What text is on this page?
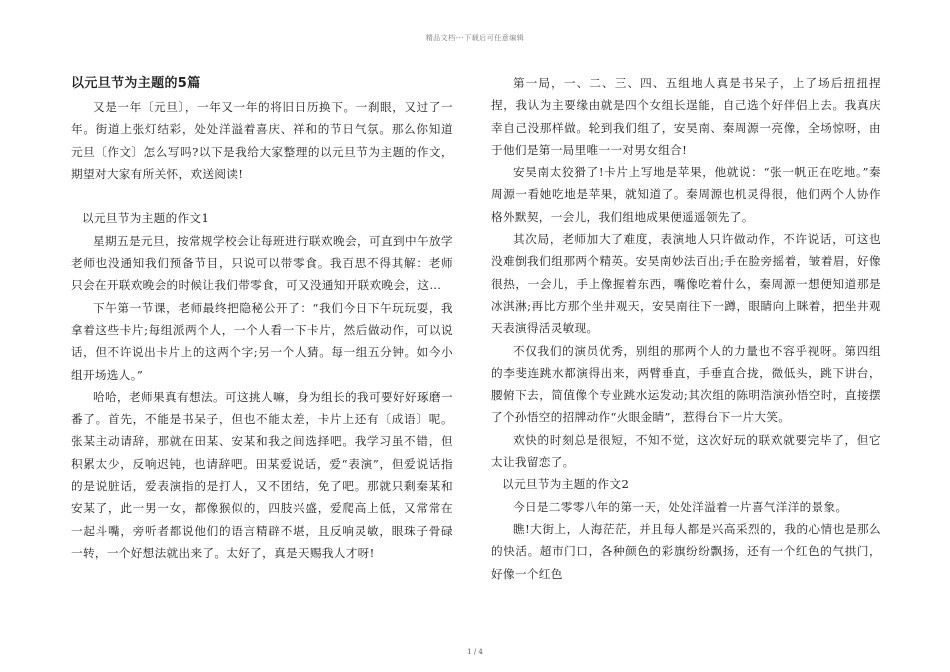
精品文档---下载后可任意编辑
以元旦节为主题的5篇

又是一年〔元旦〕，一年又一年的将旧日历换下。一刹眼，又过了一年。街道上张灯结彩，处处洋溢着喜庆、祥和的节日气氛。那么你知道元旦〔作文〕怎么写吗?以下是我给大家整理的以元旦节为主题的作文，期望对大家有所关怀，欢送阅读!

以元旦节为主题的作文1

星期五是元旦，按常规学校会让每班进行联欢晚会，可直到中午放学老师也没通知我们预备节目，只说可以带零食。我百思不得其解：老师只会在开联欢晚会的时候让我们带零食，可又没通知开联欢晚会，这…

下午第一节课，老师最终把隐秘公开了：“我们今日下午玩玩耍，我拿着这些卡片;每组派两个人，一个人看一下卡片，然后做动作，可以说话，但不许说出卡片上的这两个字;另一个人猜。每一组五分钟。如今小组开场选人。”

哈哈，老师果真有想法。可这挑人嘛，身为组长的我可要好好琢磨一番了。首先，不能是书呆子，但也不能太差，卡片上还有〔成语〕呢。张某主动请辞，那就在田某、安某和我之间选择吧。我学习虽不错，但积累太少，反响迟钝，也请辞吧。田某爱说话，爱“表演”，但爱说话指的是说脏话，爱表演指的是打人，又不团结，免了吧。那就只剩秦某和安某了，此一男一女，都像猴似的，四肢兴盛，爱爬高上低，又常常在一起斗嘴，旁听者都说他们的语言精辟不堪，且反响灵敏，眼珠子骨碌一转，一个好想法就出来了。太好了，真是天赐我人才呀!

第一局，一、二、三、四、五组地人真是书呆子，上了场后扭扭捏捏，我认为主要缘由就是四个女组长逞能，自己选个好伴侣上去。我真庆幸自己没那样做。轮到我们组了，安昊南、秦周源一亮像，全场惊呀，由于他们是第一局里唯一一对男女组合!

安昊南太狡猾了!卡片上写地是苹果，他就说：“张一帆正在吃地。”秦周源一看她吃地是苹果，就知道了。秦周源也机灵得很，他们两个人协作格外默契，一会儿，我们组地成果便遥遥领先了。

其次局，老师加大了难度，表演地人只许做动作，不许说话，可这也没难倒我们组那两个精英。安昊南妙法百出;手在脸旁摇着，皱着眉，好像很热，一会儿，手上像握着东西，嘴像吃着什么，秦周源一想便知道那是冰淇淋;再比方那个坐井观天，安昊南往下一蹲，眼睛向上眯着，把坐井观天表演得活灵敏现。

不仅我们的演员优秀，别组的那两个人的力量也不容乎视呀。第四组的李斐连跳水都演得出来，两臂垂直，手垂直合拢，微低头，跳下讲台，腰俯下去，简值像个专业跳水运发动;其次组的陈明浩演孙悟空时，直接摆了个孙悟空的招牌动作“火眼金睛”，惹得台下一片大笑。

欢快的时刻总是很短，不知不觉，这次好玩的联欢就要完毕了，但它太让我留恋了。

以元旦节为主题的作文2

今日是二零零八年的第一天，处处洋溢着一片喜气洋洋的景象。

瞧!大街上，人海茫茫，并且每人都是兴高采烈的，我的心情也是那么的快活。超市门口，各种颜色的彩旗纷纷飘扬，还有一个红色的气拱门，好像一个红色

1 / 4
